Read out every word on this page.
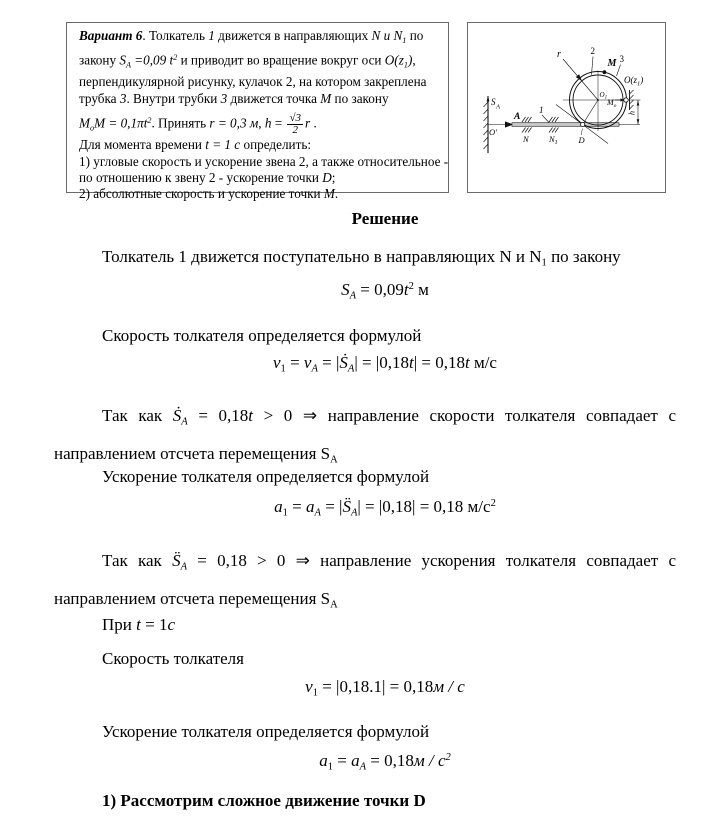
Вариант 6. Толкатель 1 движется в направляющих N и $N_1$ по
закону $S_A =0,09$ $t^2$ и приводит во вращение вокруг оси $O(z_1)$,
перпендикулярной рисунку, кулачок 2, на котором закреплена
трубка 3. Внутри трубки 3 движется точка M по закону
$M_oM = 0,1\pi t^2$. Принять r = 0,3 м, $h = \frac{√3}{2}$ r .
Для момента времени t = 1 с определить:
1) угловые скорость и ускорение звена 2, а также относительное -
по отношению к звену 2 - ускорение точки D;
2) абсолютные скорость и ускорение точки M.
$S_A$
O′
A
1
N $N_1$ D
r	2
M 3
$O(z_1)$
$O_1$ $M_o$
h
Решение
Толкатель 1 движется поступательно в направляющих N и $N_1$ по закону
$S_A = 0,09t^2$ м
Скорость толкателя определяется формулой
$v_1 = v_A$ = |Ṡ$_A$| = |0,18t| = 0,18t м/с
Так как Ṡ$_A$ = 0,18t > 0 ⇒ направление скорости толкателя совпадает с направлением отсчета перемещения $S_A$
Ускорение толкателя определяется формулой
$a_1 = a_A$ = $|S̈_A| = |0,18| = 0,18$ $м/с^2$
Так как $S̈_A = 0,18 > 0$ ⇒ направление ускорения толкателя совпадает с направлением отсчета перемещения $S_A$
При t = 1c
Скорость толкателя
$v_1 = |0,18.1| = 0,18м / с$
Ускорение толкателя определяется формулой
$a_1 = a_A = 0,18м / с^2$
1) Рассмотрим сложное движение точки D
